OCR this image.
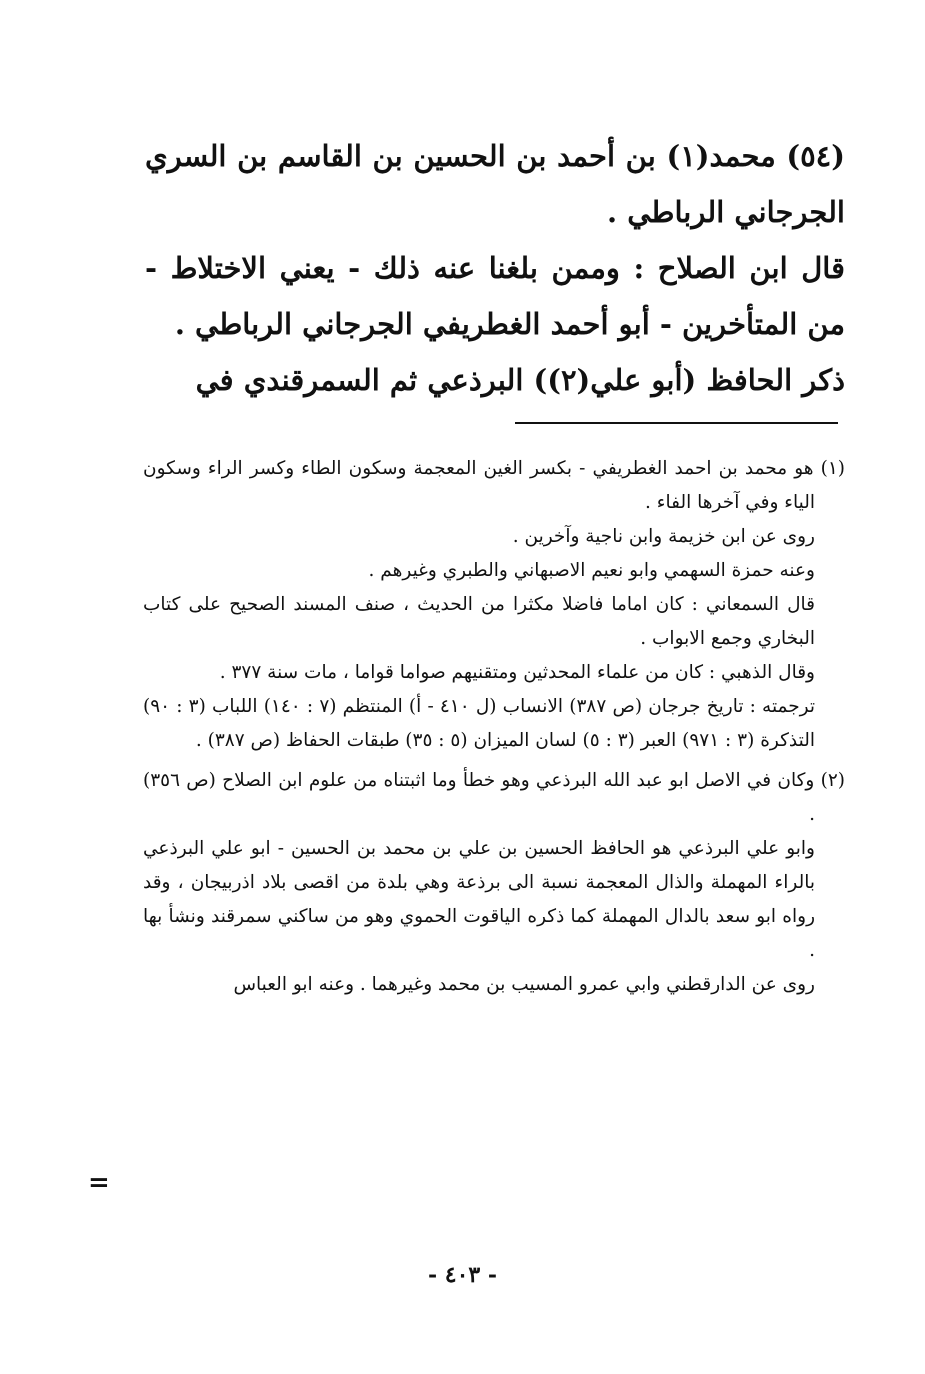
(٥٤) محمد(١) بن أحمد بن الحسين بن القاسم بن السري الجرجاني الرباطي .

قال ابن الصلاح : وممن بلغنا عنه ذلك - يعني الاختلاط - من المتأخرين - أبو أحمد الغطريفي الجرجاني الرباطي .

ذكر الحافظ (أبو علي(٢)) البرذعي ثم السمرقندي في

(١) هو محمد بن احمد الغطريفي - بكسر الغين المعجمة وسكون الطاء وكسر الراء وسكون الياء وفي آخرها الفاء .

روى عن ابن خزيمة وابن ناجية وآخرين .

وعنه حمزة السهمي وابو نعيم الاصبهاني والطبري وغيرهم .

قال السمعاني : كان اماما فاضلا مكثرا من الحديث ، صنف المسند الصحيح على كتاب البخاري وجمع الابواب .

وقال الذهبي : كان من علماء المحدثين ومتقنيهم صواما قواما ، مات سنة ٣٧٧ .

ترجمته : تاريخ جرجان (ص ٣٨٧) الانساب (ل ٤١٠ - أ) المنتظم (٧ : ١٤٠) اللباب (٣ : ٩٠) التذكرة (٣ : ٩٧١) العبر (٣ : ٥) لسان الميزان (٥ : ٣٥) طبقات الحفاظ (ص ٣٨٧) .

(٢) وكان في الاصل ابو عبد الله البرذعي وهو خطأ وما اثبتناه من علوم ابن الصلاح (ص ٣٥٦) .

وابو علي البرذعي هو الحافظ الحسين بن علي بن محمد بن الحسين - ابو علي البرذعي بالراء المهملة والذال المعجمة نسبة الى برذعة وهي بلدة من اقصى بلاد اذربيجان ، وقد رواه ابو سعد بالدال المهملة كما ذكره الياقوت الحموي وهو من ساكني سمرقند ونشأ بها .

روى عن الدارقطني وابي عمرو المسيب بن محمد وغيرهما . وعنه ابو العباس

=
- ٤٠٣ -
